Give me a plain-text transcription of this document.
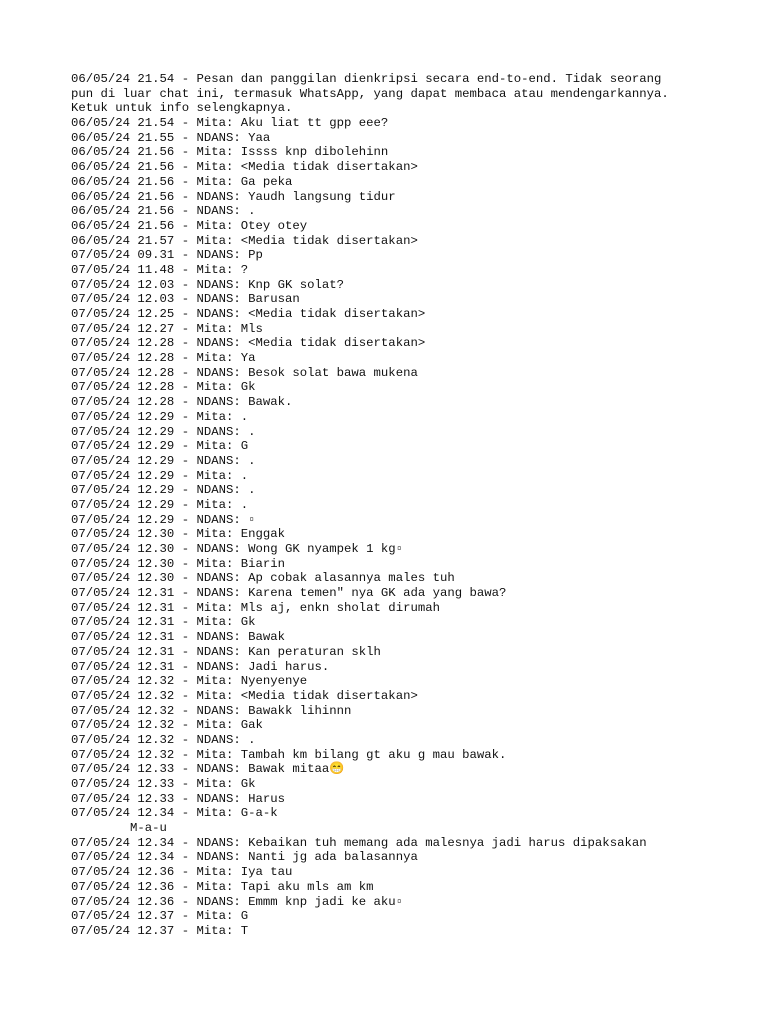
06/05/24 21.54 - Pesan dan panggilan dienkripsi secara end-to-end. Tidak seorang
pun di luar chat ini, termasuk WhatsApp, yang dapat membaca atau mendengarkannya.
Ketuk untuk info selengkapnya.
06/05/24 21.54 - Mita: Aku liat tt gpp eee?
06/05/24 21.55 - NDANS: Yaa
06/05/24 21.56 - Mita: Issss knp dibolehinn
06/05/24 21.56 - Mita: <Media tidak disertakan>
06/05/24 21.56 - Mita: Ga peka
06/05/24 21.56 - NDANS: Yaudh langsung tidur
06/05/24 21.56 - NDANS: .
06/05/24 21.56 - Mita: Otey otey
06/05/24 21.57 - Mita: <Media tidak disertakan>
07/05/24 09.31 - NDANS: Pp
07/05/24 11.48 - Mita: ?
07/05/24 12.03 - NDANS: Knp GK solat?
07/05/24 12.03 - NDANS: Barusan
07/05/24 12.25 - NDANS: <Media tidak disertakan>
07/05/24 12.27 - Mita: Mls
07/05/24 12.28 - NDANS: <Media tidak disertakan>
07/05/24 12.28 - Mita: Ya
07/05/24 12.28 - NDANS: Besok solat bawa mukena
07/05/24 12.28 - Mita: Gk
07/05/24 12.28 - NDANS: Bawak.
07/05/24 12.29 - Mita: .
07/05/24 12.29 - NDANS: .
07/05/24 12.29 - Mita: G
07/05/24 12.29 - NDANS: .
07/05/24 12.29 - Mita: .
07/05/24 12.29 - NDANS: .
07/05/24 12.29 - Mita: .
07/05/24 12.29 - NDANS: ▫
07/05/24 12.30 - Mita: Enggak
07/05/24 12.30 - NDANS: Wong GK nyampek 1 kg▫
07/05/24 12.30 - Mita: Biarin
07/05/24 12.30 - NDANS: Ap cobak alasannya males tuh
07/05/24 12.31 - NDANS: Karena temen" nya GK ada yang bawa?
07/05/24 12.31 - Mita: Mls aj, enkn sholat dirumah
07/05/24 12.31 - Mita: Gk
07/05/24 12.31 - NDANS: Bawak
07/05/24 12.31 - NDANS: Kan peraturan sklh
07/05/24 12.31 - NDANS: Jadi harus.
07/05/24 12.32 - Mita: Nyenyenye
07/05/24 12.32 - Mita: <Media tidak disertakan>
07/05/24 12.32 - NDANS: Bawakk lihinnn
07/05/24 12.32 - Mita: Gak
07/05/24 12.32 - NDANS: .
07/05/24 12.32 - Mita: Tambah km bilang gt aku g mau bawak.
07/05/24 12.33 - NDANS: Bawak mitaa😁
07/05/24 12.33 - Mita: Gk
07/05/24 12.33 - NDANS: Harus
07/05/24 12.34 - Mita: G-a-k
M-a-u
07/05/24 12.34 - NDANS: Kebaikan tuh memang ada malesnya jadi harus dipaksakan
07/05/24 12.34 - NDANS: Nanti jg ada balasannya
07/05/24 12.36 - Mita: Iya tau
07/05/24 12.36 - Mita: Tapi aku mls am km
07/05/24 12.36 - NDANS: Emmm knp jadi ke aku▫
07/05/24 12.37 - Mita: G
07/05/24 12.37 - Mita: T
